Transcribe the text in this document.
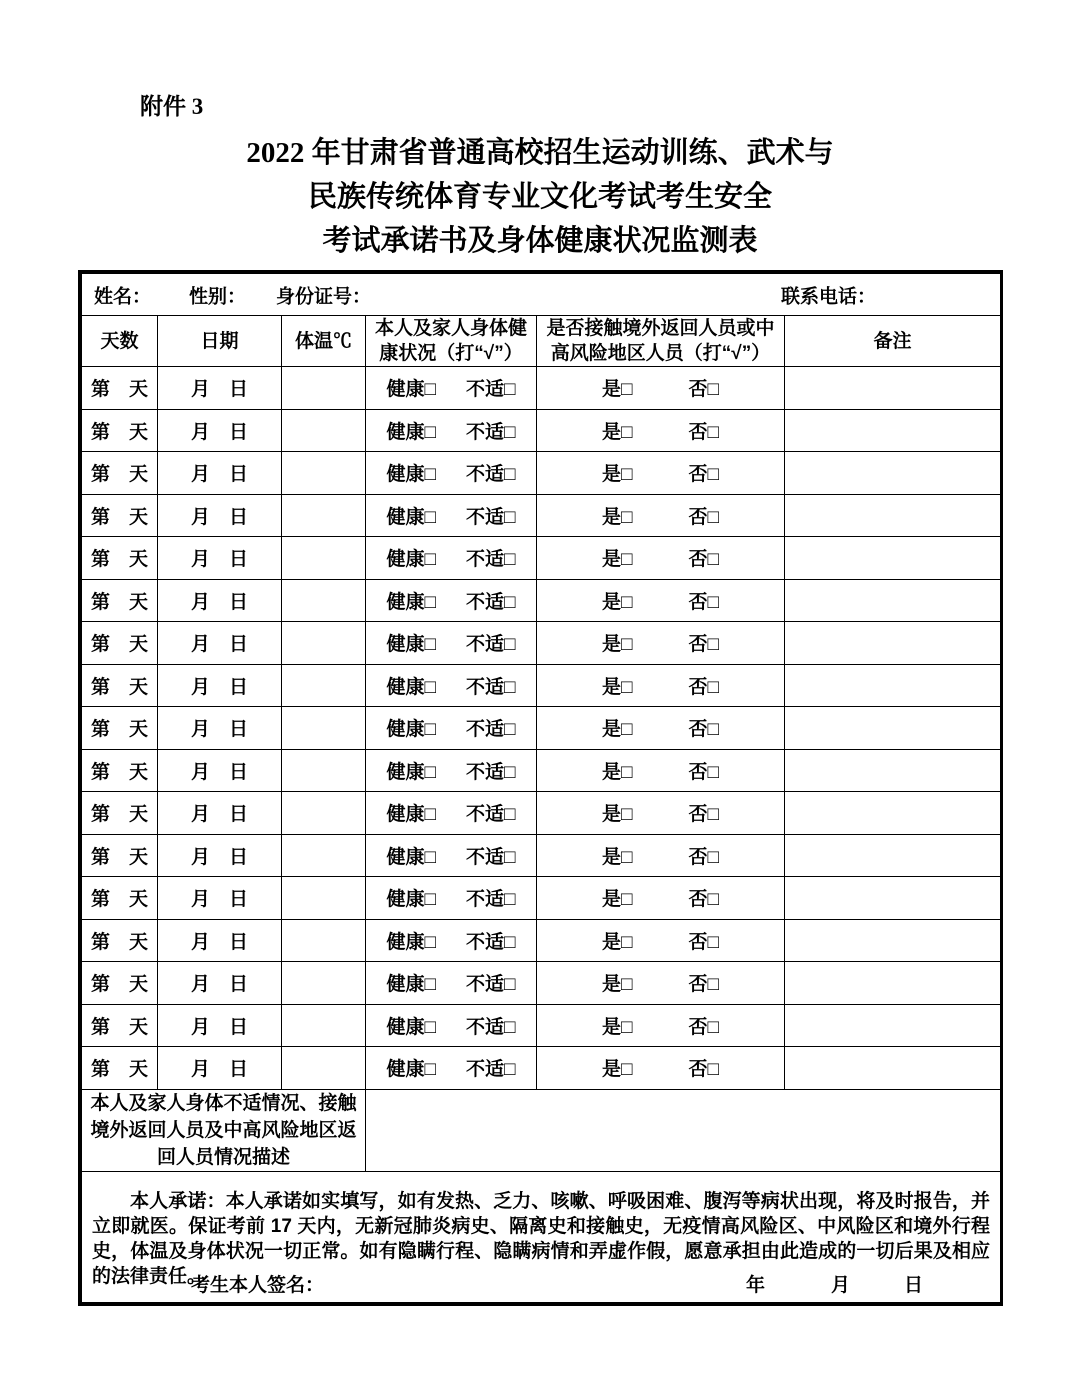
附件 3
2022 年甘肃省普通高校招生运动训练、武术与
民族传统体育专业文化考试考生安全
考试承诺书及身体健康状况监测表
姓名： 性别： 身份证号： 联系电话：					

天数	日期	体温℃	本人及家人身体健康状况（打“√”）	是否接触境外返回人员或中高风险地区人员（打“√”）	备注
第　天	月　日		健康□ 不适□	是□ 否□	

第　天	月　日		健康□ 不适□	是□ 否□	

第　天	月　日		健康□ 不适□	是□ 否□	

第　天	月　日		健康□ 不适□	是□ 否□	

第　天	月　日		健康□ 不适□	是□ 否□	

第　天	月　日		健康□ 不适□	是□ 否□	

第　天	月　日		健康□ 不适□	是□ 否□	

第　天	月　日		健康□ 不适□	是□ 否□	

第　天	月　日		健康□ 不适□	是□ 否□	

第　天	月　日		健康□ 不适□	是□ 否□	

第　天	月　日		健康□ 不适□	是□ 否□	

第　天	月　日		健康□ 不适□	是□ 否□	

第　天	月　日		健康□ 不适□	是□ 否□	

第　天	月　日		健康□ 不适□	是□ 否□	

第　天	月　日		健康□ 不适□	是□ 否□	

第　天	月　日		健康□ 不适□	是□ 否□	

第　天	月　日		健康□ 不适□	是□ 否□	

本人及家人身体不适情况、接触境外返回人员及中高风险地区返回人员情况描述					

本人承诺：本人承诺如实填写，如有发热、乏力、咳嗽、呼吸困难、腹泻等病状出现，将及时报告，并立即就医。保证考前 17 天内，无新冠肺炎病史、隔离史和接触史，无疫情高风险区、中风险区和境外行程史，体温及身体状况一切正常。如有隐瞒行程、隐瞒病情和弄虚作假，愿意承担由此造成的一切后果及相应的法律责任。
考生本人签名： 年 月 日					
